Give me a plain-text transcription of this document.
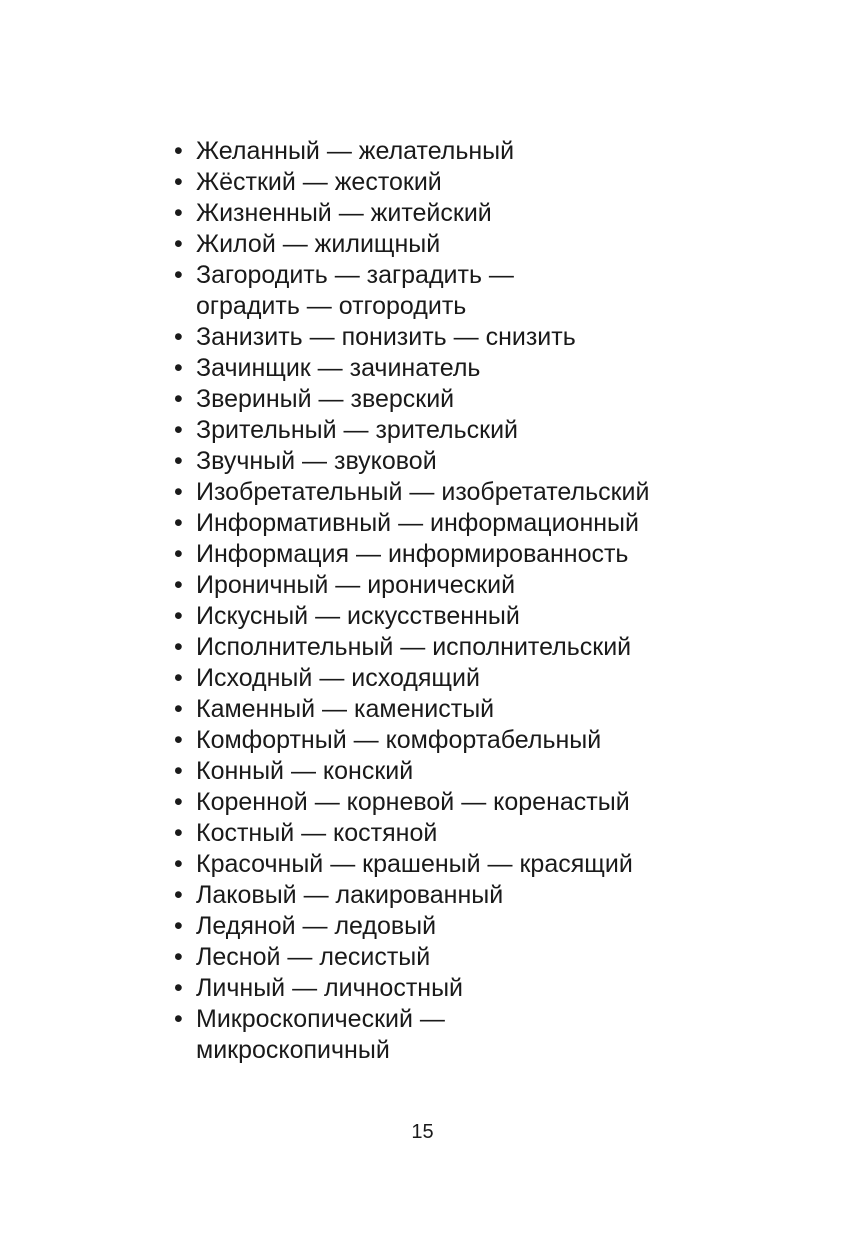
• Желанный — желательный
• Жёсткий — жестокий
• Жизненный — житейский
• Жилой — жилищный
• Загородить — заградить —
оградить — отгородить
• Занизить — понизить — снизить
• Зачинщик — зачинатель
• Звериный — зверский
• Зрительный — зрительский
• Звучный — звуковой
• Изобретательный — изобретательский
• Информативный — информационный
• Информация — информированность
• Ироничный — иронический
• Искусный — искусственный
• Исполнительный — исполнительский
• Исходный — исходящий
• Каменный — каменистый
• Комфортный — комфортабельный
• Конный — конский
• Коренной — корневой — коренастый
• Костный — костяной
• Красочный — крашеный — красящий
• Лаковый — лакированный
• Ледяной — ледовый
• Лесной — лесистый
• Личный — личностный
• Микроскопический —
микроскопичный
15
